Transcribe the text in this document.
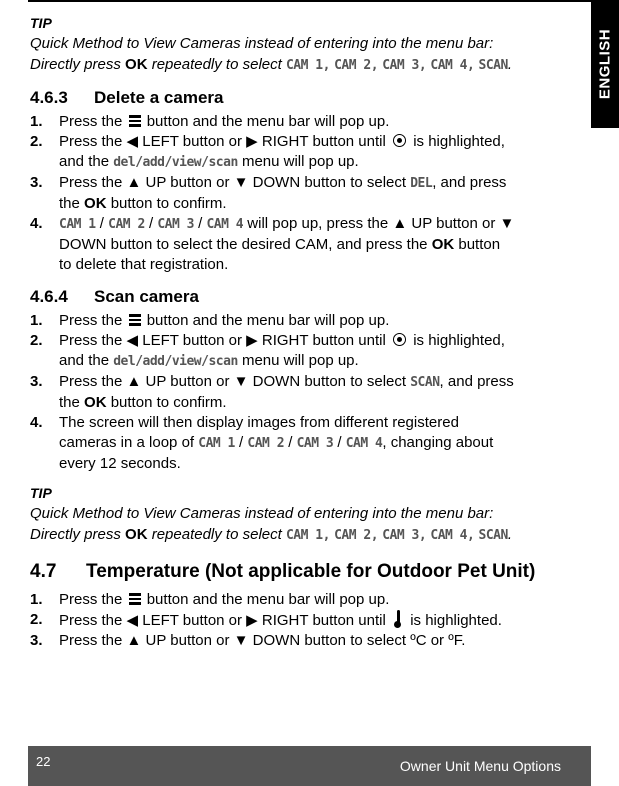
ENGLISH
TIP
Quick Method to View Cameras instead of entering into the menu bar:
Directly press OK repeatedly to select CAM 1, CAM 2, CAM 3, CAM 4, SCAN.
4.6.3 Delete a camera
1. Press the button and the menu bar will pop up.
2. Press the ◀ LEFT button or ▶ RIGHT button until is highlighted,
and the del/add/view/scan menu will pop up.
3. Press the ▲ UP button or ▼ DOWN button to select DEL, and press
the OK button to confirm.
4. CAM 1 / CAM 2 / CAM 3 / CAM 4 will pop up, press the ▲ UP button or ▼
DOWN button to select the desired CAM, and press the OK button
to delete that registration.
4.6.4 Scan camera
1. Press the button and the menu bar will pop up.
2. Press the ◀ LEFT button or ▶ RIGHT button until is highlighted,
and the del/add/view/scan menu will pop up.
3. Press the ▲ UP button or ▼ DOWN button to select SCAN, and press
the OK button to confirm.
4. The screen will then display images from different registered
cameras in a loop of CAM 1 / CAM 2 / CAM 3 / CAM 4, changing about
every 12 seconds.
TIP
Quick Method to View Cameras instead of entering into the menu bar:
Directly press OK repeatedly to select CAM 1, CAM 2, CAM 3, CAM 4, SCAN.
4.7 Temperature (Not applicable for Outdoor Pet Unit)
1. Press the button and the menu bar will pop up.
2. Press the ◀ LEFT button or ▶ RIGHT button until is highlighted.
3. Press the ▲ UP button or ▼ DOWN button to select ºC or ºF.
22	Owner Unit Menu Options
